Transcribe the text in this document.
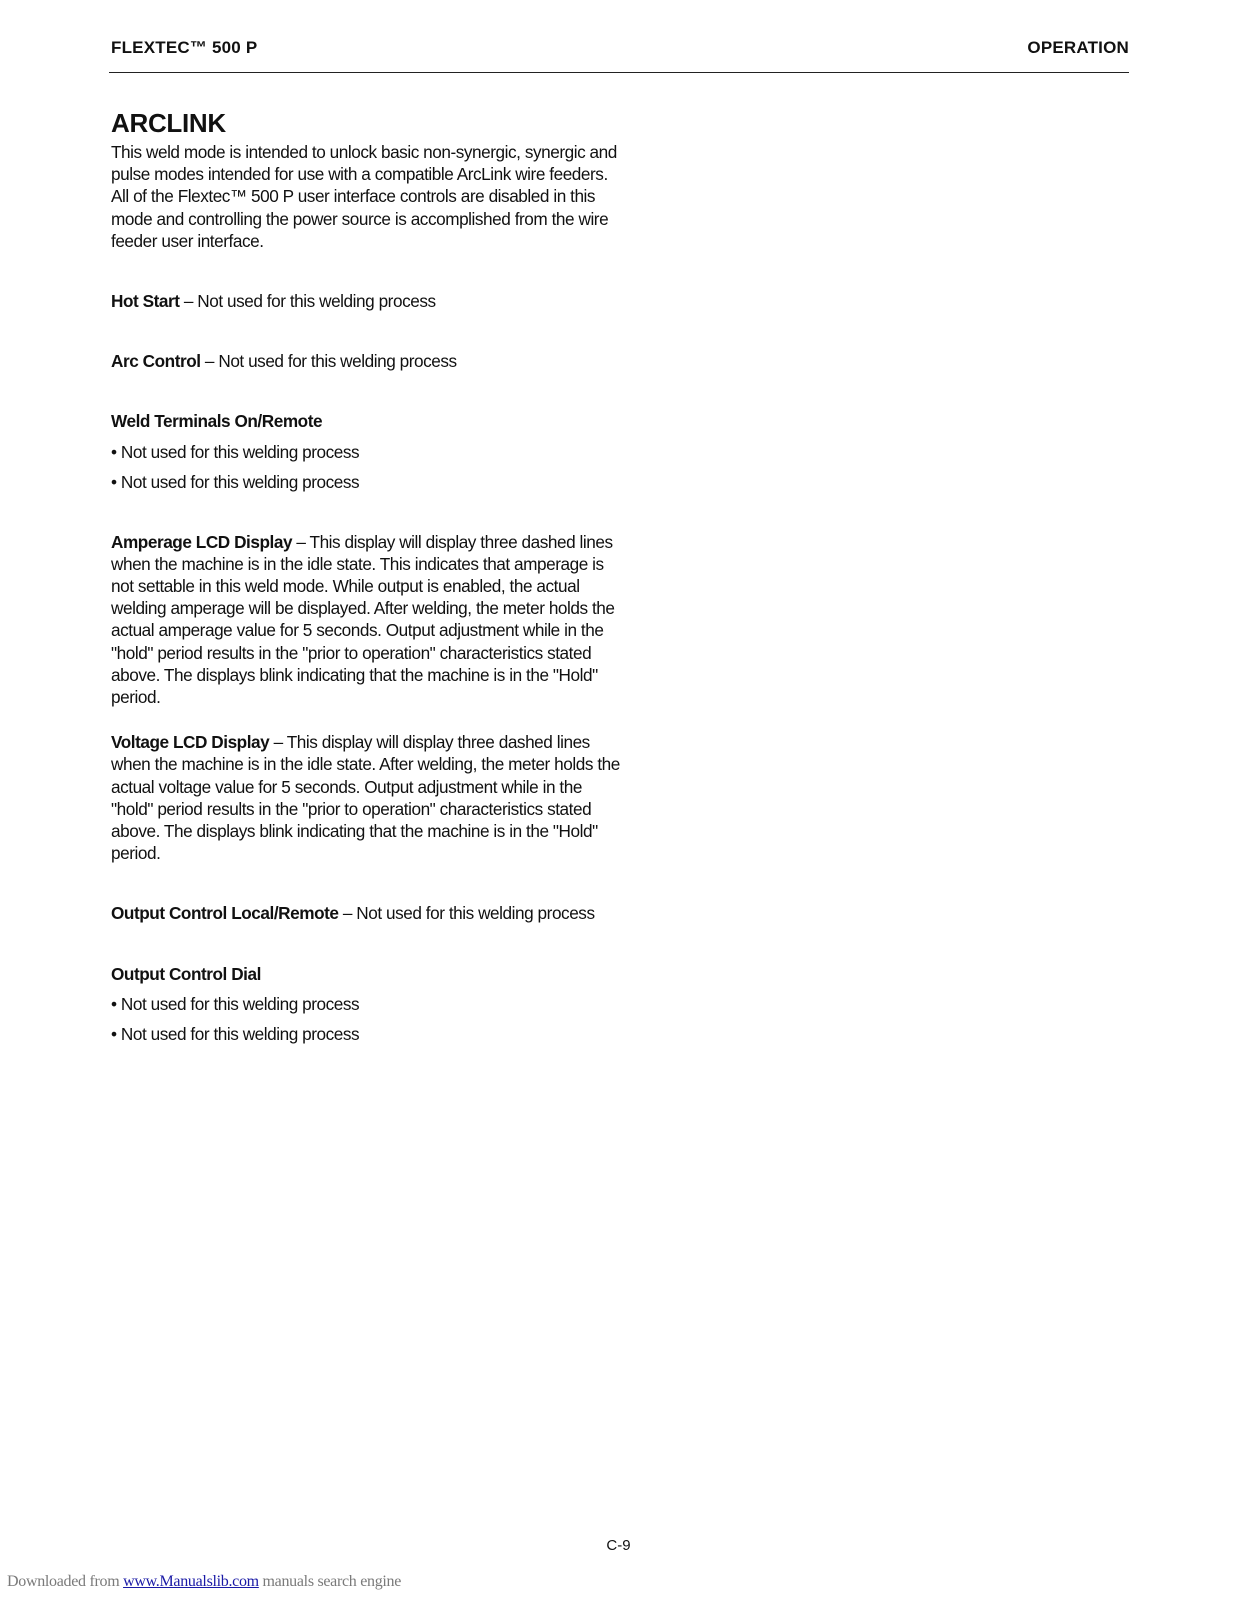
FLEXTEC™ 500 P	OPERATION
ARCLINK

This weld mode is intended to unlock basic non-synergic, synergic and pulse modes intended for use with a compatible ArcLink wire feeders. All of the Flextec™ 500 P user interface controls are disabled in this mode and controlling the power source is accomplished from the wire feeder user interface.

Hot Start – Not used for this welding process

Arc Control – Not used for this welding process

Weld Terminals On/Remote

• Not used for this welding process

• Not used for this welding process

Amperage LCD Display – This display will display three dashed lines when the machine is in the idle state. This indicates that amperage is not settable in this weld mode. While output is enabled, the actual welding amperage will be displayed. After welding, the meter holds the actual amperage value for 5 seconds. Output adjustment while in the "hold" period results in the "prior to operation" characteristics stated above. The displays blink indicating that the machine is in the "Hold" period.

Voltage LCD Display – This display will display three dashed lines when the machine is in the idle state. After welding, the meter holds the actual voltage value for 5 seconds. Output adjustment while in the "hold" period results in the "prior to operation" characteristics stated above. The displays blink indicating that the machine is in the "Hold" period.

Output Control Local/Remote – Not used for this welding process

Output Control Dial

• Not used for this welding process

• Not used for this welding process

C-9
Downloaded from www.Manualslib.com manuals search engine
